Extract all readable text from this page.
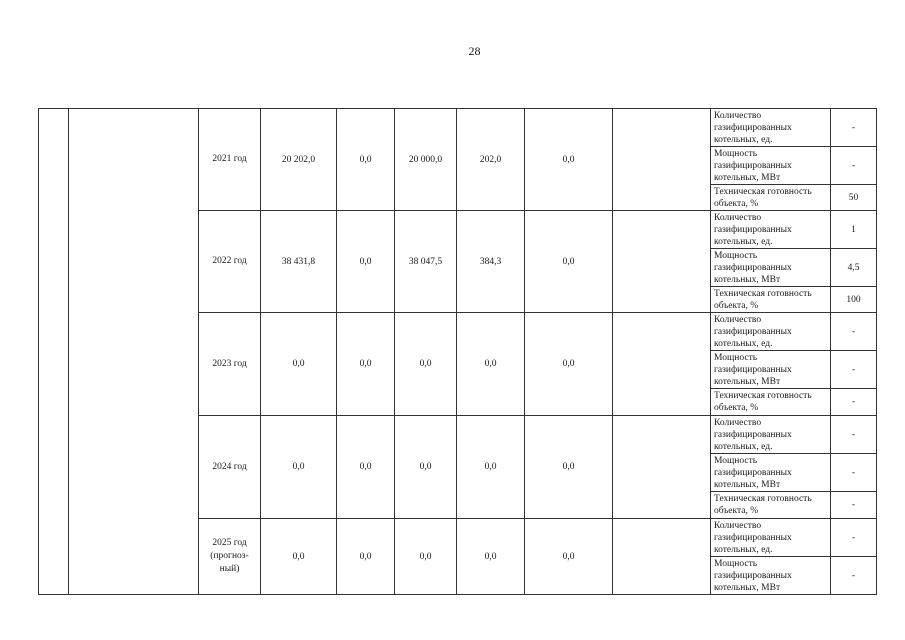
28
		2021 год	20 202,0	0,0	20 000,0	202,0	0,0		Количество
газифицированных
котельных, ед.	-
									Мощность
газифицированных
котельных, МВт	-
									Техническая готовность
объекта, %	50
		2022 год	38 431,8	0,0	38 047,5	384,3	0,0		Количество
газифицированных
котельных, ед.	1
									Мощность
газифицированных
котельных, МВт	4,5
									Техническая готовность
объекта, %	100
		2023 год	0,0	0,0	0,0	0,0	0,0		Количество
газифицированных
котельных, ед.	-
									Мощность
газифицированных
котельных, МВт	-
									Техническая готовность
объекта, %	-
		2024 год	0,0	0,0	0,0	0,0	0,0		Количество
газифицированных
котельных, ед.	-
									Мощность
газифицированных
котельных, МВт	-
									Техническая готовность
объекта, %	-
		2025 год
(прогноз-
ный)	0,0	0,0	0,0	0,0	0,0		Количество
газифицированных
котельных, ед.	-
									Мощность
газифицированных
котельных, МВт	-
